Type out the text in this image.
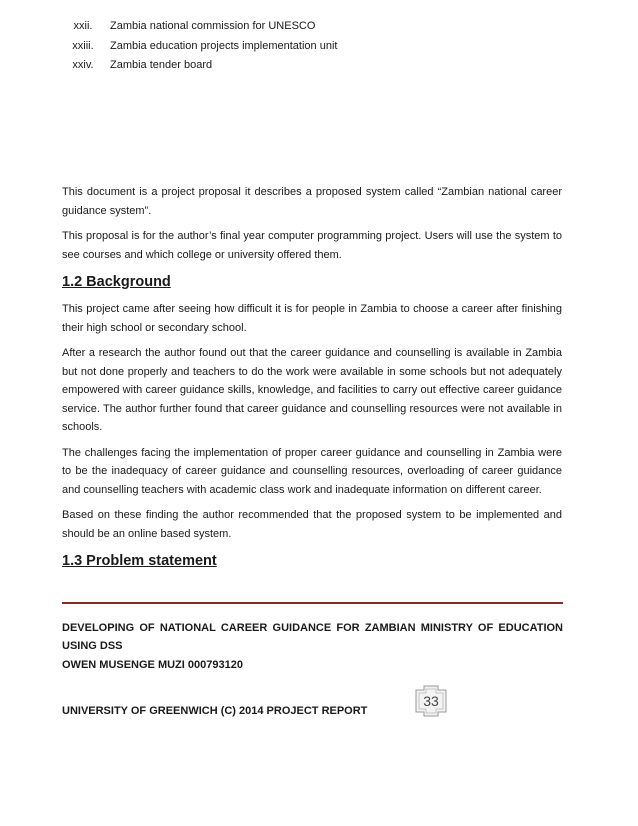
xxii.	Zambia national commission for UNESCO
xxiii.	Zambia education projects implementation unit
xxiv.	Zambia tender board

This document is a project proposal it describes a proposed system called “Zambian national career guidance system”.

This proposal is for the author’s final year computer programming project. Users will use the system to see courses and which college or university offered them.

1.2 Background

This project came after seeing how difficult it is for people in Zambia to choose a career after finishing their high school or secondary school.

After a research the author found out that the career guidance and counselling is available in Zambia but not done properly and teachers to do the work were available in some schools but not adequately empowered with career guidance skills, knowledge, and facilities to carry out effective career guidance service. The author further found that career guidance and counselling resources were not available in schools.

The challenges facing the implementation of proper career guidance and counselling in Zambia were to be the inadequacy of career guidance and counselling resources, overloading of career guidance and counselling teachers with academic class work and inadequate information on different career.

Based on these finding the author recommended that the proposed system to be implemented and should be an online based system.

1.3 Problem statement
DEVELOPING OF NATIONAL CAREER GUIDANCE FOR ZAMBIAN MINISTRY OF EDUCATION USING DSS
OWEN MUSENGE MUZI 000793120
UNIVERSITY OF GREENWICH (C) 2014 PROJECT REPORT
33
